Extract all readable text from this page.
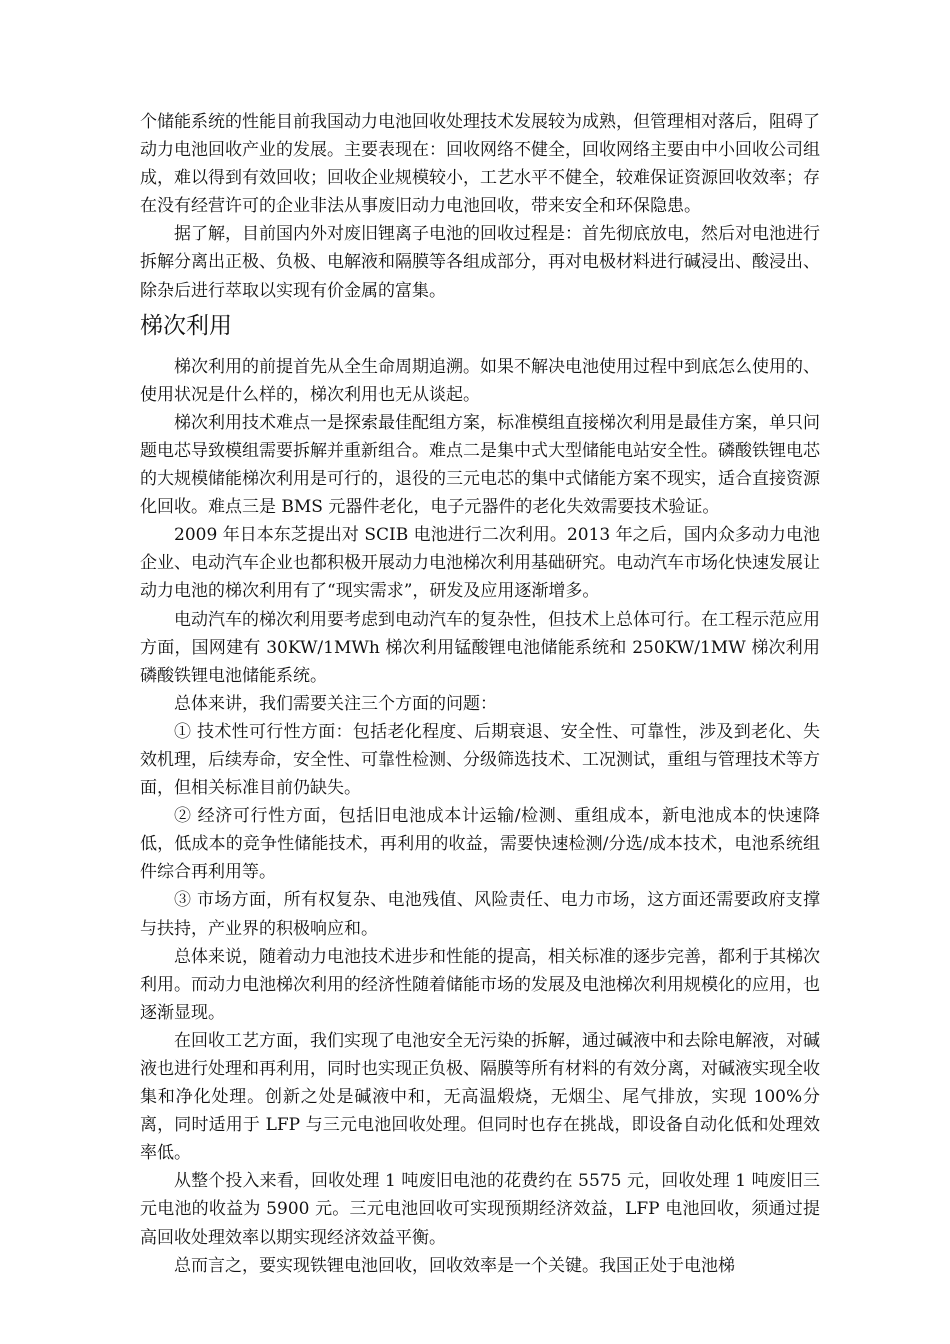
个储能系统的性能目前我国动力电池回收处理技术发展较为成熟，但管理相对落后，阻碍了动力电池回收产业的发展。主要表现在：回收网络不健全，回收网络主要由中小回收公司组成，难以得到有效回收；回收企业规模较小，工艺水平不健全，较难保证资源回收效率；存在没有经营许可的企业非法从事废旧动力电池回收，带来安全和环保隐患。

据了解，目前国内外对废旧锂离子电池的回收过程是：首先彻底放电，然后对电池进行拆解分离出正极、负极、电解液和隔膜等各组成部分，再对电极材料进行碱浸出、酸浸出、除杂后进行萃取以实现有价金属的富集。

梯次利用

梯次利用的前提首先从全生命周期追溯。如果不解决电池使用过程中到底怎么使用的、使用状况是什么样的，梯次利用也无从谈起。

梯次利用技术难点一是探索最佳配组方案，标准模组直接梯次利用是最佳方案，单只问题电芯导致模组需要拆解并重新组合。难点二是集中式大型储能电站安全性。磷酸铁锂电芯的大规模储能梯次利用是可行的，退役的三元电芯的集中式储能方案不现实，适合直接资源化回收。难点三是 BMS 元器件老化，电子元器件的老化失效需要技术验证。

2009 年日本东芝提出对 SCIB 电池进行二次利用。2013 年之后，国内众多动力电池企业、电动汽车企业也都积极开展动力电池梯次利用基础研究。电动汽车市场化快速发展让动力电池的梯次利用有了“现实需求”，研发及应用逐渐增多。

电动汽车的梯次利用要考虑到电动汽车的复杂性，但技术上总体可行。在工程示范应用方面，国网建有 30KW/1MWh 梯次利用锰酸锂电池储能系统和 250KW/1MW 梯次利用磷酸铁锂电池储能系统。

总体来讲，我们需要关注三个方面的问题：

① 技术性可行性方面：包括老化程度、后期衰退、安全性、可靠性，涉及到老化、失效机理，后续寿命，安全性、可靠性检测、分级筛选技术、工况测试，重组与管理技术等方面，但相关标准目前仍缺失。

② 经济可行性方面，包括旧电池成本计运输/检测、重组成本，新电池成本的快速降低，低成本的竞争性储能技术，再利用的收益，需要快速检测/分选/成本技术，电池系统组件综合再利用等。

③ 市场方面，所有权复杂、电池残值、风险责任、电力市场，这方面还需要政府支撑与扶持，产业界的积极响应和。

总体来说，随着动力电池技术进步和性能的提高，相关标准的逐步完善，都利于其梯次利用。而动力电池梯次利用的经济性随着储能市场的发展及电池梯次利用规模化的应用，也逐渐显现。

在回收工艺方面，我们实现了电池安全无污染的拆解，通过碱液中和去除电解液，对碱液也进行处理和再利用，同时也实现正负极、隔膜等所有材料的有效分离，对碱液实现全收集和净化处理。创新之处是碱液中和，无高温煅烧，无烟尘、尾气排放，实现 100%分离，同时适用于 LFP 与三元电池回收处理。但同时也存在挑战，即设备自动化低和处理效率低。

从整个投入来看，回收处理 1 吨废旧电池的花费约在 5575 元，回收处理 1 吨废旧三元电池的收益为 5900 元。三元电池回收可实现预期经济效益，LFP 电池回收，须通过提高回收处理效率以期实现经济效益平衡。

总而言之，要实现铁锂电池回收，回收效率是一个关键。我国正处于电池梯
